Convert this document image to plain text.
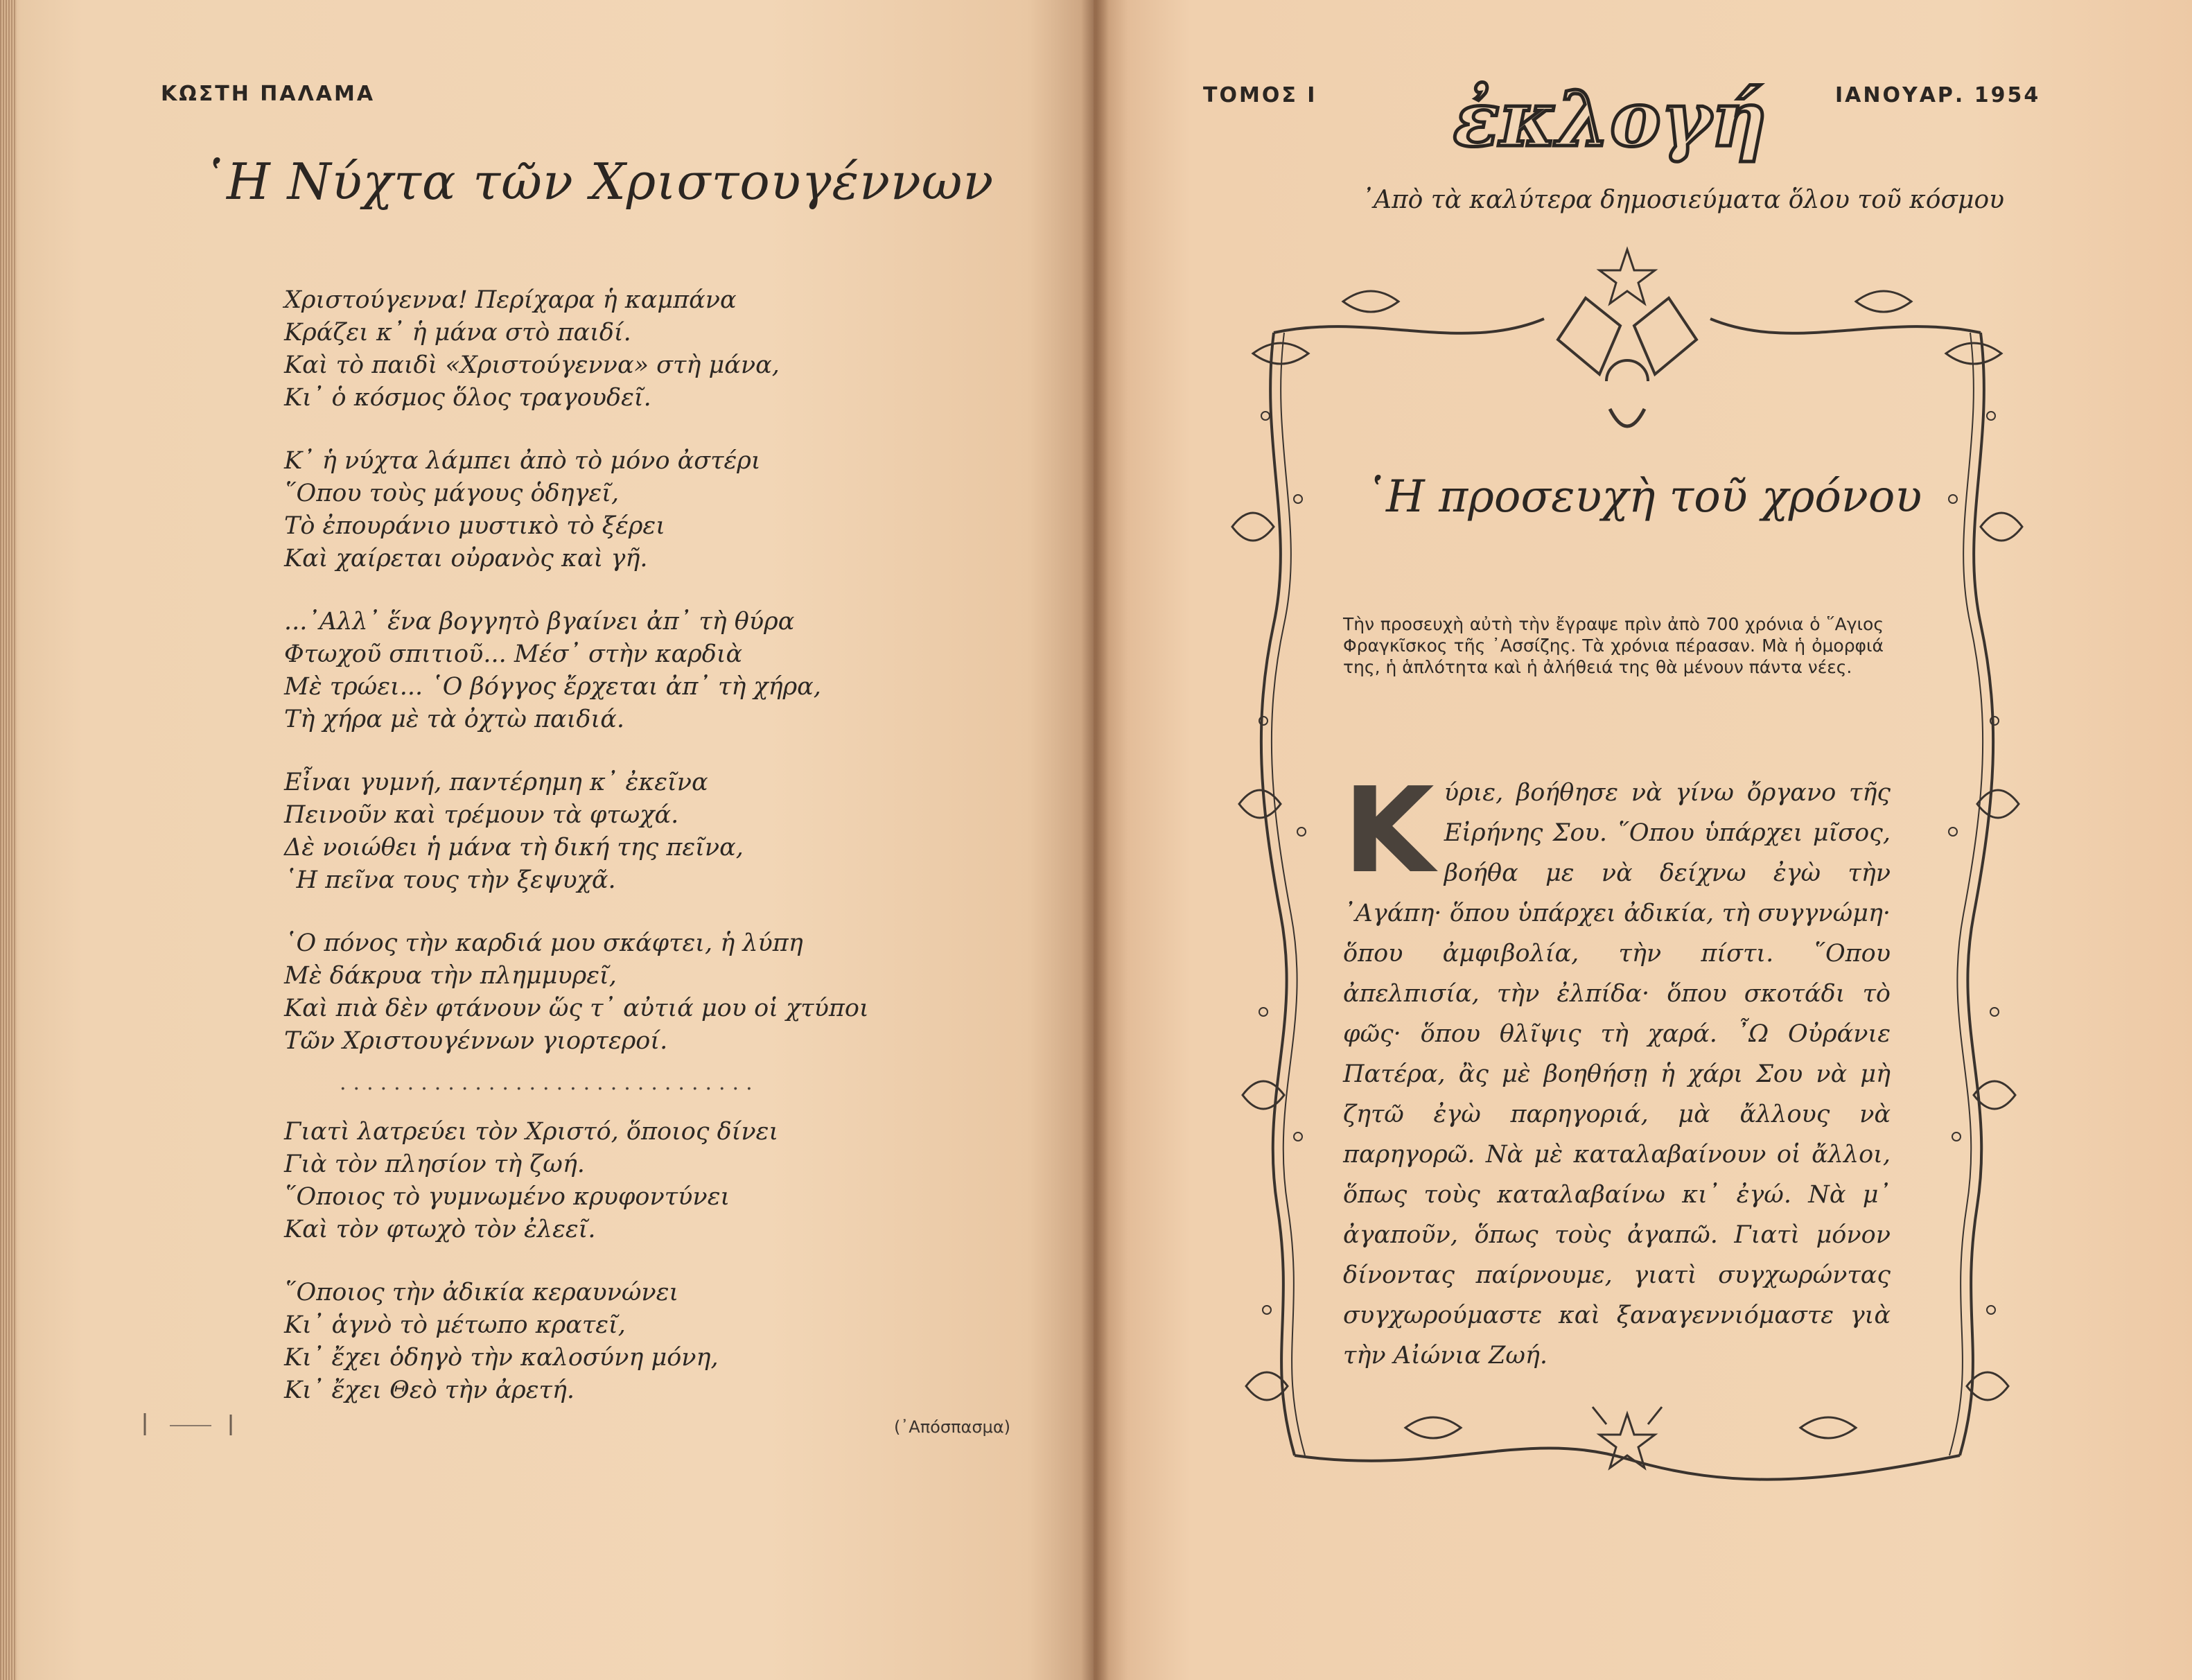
ΚΩΣΤΗ ΠΑΛΑΜΑ
῾Η Νύχτα τῶν Χριστουγέννων
Χριστούγεννα! Περίχαρα ἡ καμπάνα
Κράζει κ᾽ ἡ μάνα στὸ παιδί.
Καὶ τὸ παιδὶ «Χριστούγεννα» στὴ μάνα,
Κι᾽ ὁ κόσμος ὅλος τραγουδεῖ.
Κ᾽ ἡ νύχτα λάμπει ἀπὸ τὸ μόνο ἀστέρι
῞Οπου τοὺς μάγους ὁδηγεῖ,
Τὸ ἐπουράνιο μυστικὸ τὸ ξέρει
Καὶ χαίρεται οὐρανὸς καὶ γῆ.
...᾽Αλλ᾽ ἕνα βογγητὸ βγαίνει ἀπ᾽ τὴ θύρα
Φτωχοῦ σπιτιοῦ... Μέσ᾽ στὴν καρδιὰ
Μὲ τρώει... ῾Ο βόγγος ἔρχεται ἀπ᾽ τὴ χήρα,
Τὴ χήρα μὲ τὰ ὀχτὼ παιδιά.
Εἶναι γυμνή, παντέρημη κ᾽ ἐκεῖνα
Πεινοῦν καὶ τρέμουν τὰ φτωχά.
Δὲ νοιώθει ἡ μάνα τὴ δική της πεῖνα,
῾Η πεῖνα τους τὴν ξεψυχᾶ.
῾Ο πόνος τὴν καρδιά μου σκάφτει, ἡ λύπη
Μὲ δάκρυα τὴν πλημμυρεῖ,
Καὶ πιὰ δὲν φτάνουν ὥς τ᾽ αὐτιά μου οἱ χτύποι
Τῶν Χριστουγέννων γιορτεροί.
...............................
Γιατὶ λατρεύει τὸν Χριστό, ὅποιος δίνει
Γιὰ τὸν πλησίον τὴ ζωή.
῞Οποιος τὸ γυμνωμένο κρυφοντύνει
Καὶ τὸν φτωχὸ τὸν ἐλεεῖ.
῞Οποιος τὴν ἀδικία κεραυνώνει
Κι᾽ ἁγνὸ τὸ μέτωπο κρατεῖ,
Κι᾽ ἔχει ὁδηγὸ τὴν καλοσύνη μόνη,
Κι᾽ ἔχει Θεὸ τὴν ἀρετή.
(᾽Απόσπασμα)
ΤΟΜΟΣ Ι	ΙΑΝΟΥΑΡ. 1954
ἐκλογή
᾽Απὸ τὰ καλύτερα δημοσιεύματα ὅλου τοῦ κόσμου
῾Η προσευχὴ τοῦ χρόνου
Τὴν προσευχὴ αὐτὴ τὴν ἔγραψε πρὶν ἀπὸ 700 χρόνια ὁ ῞Αγιος Φραγκῖσκος τῆς ᾽Ασσίζης. Τὰ χρόνια πέρασαν. Μὰ ἡ ὀμορφιά της, ἡ ἁπλότητα καὶ ἡ ἀλήθειά της θὰ μένουν πάντα νέες.
Κύριε, βοήθησε νὰ γίνω ὄργανο τῆς Εἰρήνης Σου. ῞Οπου ὑπάρχει μῖσος, βοήθα με νὰ δείχνω ἐγὼ τὴν ᾽Αγάπη· ὅπου ὑπάρχει ἀδικία, τὴ συγγνώμη· ὅπου ἀμφιβολία, τὴν πίστι. ῞Οπου ἀπελπισία, τὴν ἐλπίδα· ὅπου σκοτάδι τὸ φῶς· ὅπου θλῖψις τὴ χαρά. ῏Ω Οὐράνιε Πατέρα, ἂς μὲ βοηθήσῃ ἡ χάρι Σου νὰ μὴ ζητῶ ἐγὼ παρηγοριά, μὰ ἄλλους νὰ παρηγορῶ. Νὰ μὲ καταλαβαίνουν οἱ ἄλλοι, ὅπως τοὺς καταλαβαίνω κι᾽ ἐγώ. Νὰ μ᾽ ἀγαποῦν, ὅπως τοὺς ἀγαπῶ. Γιατὶ μόνον δίνοντας παίρνουμε, γιατὶ συγχωρώντας συγχωρούμαστε καὶ ξαναγεννιόμαστε γιὰ τὴν Αἰώνια Ζωή.
